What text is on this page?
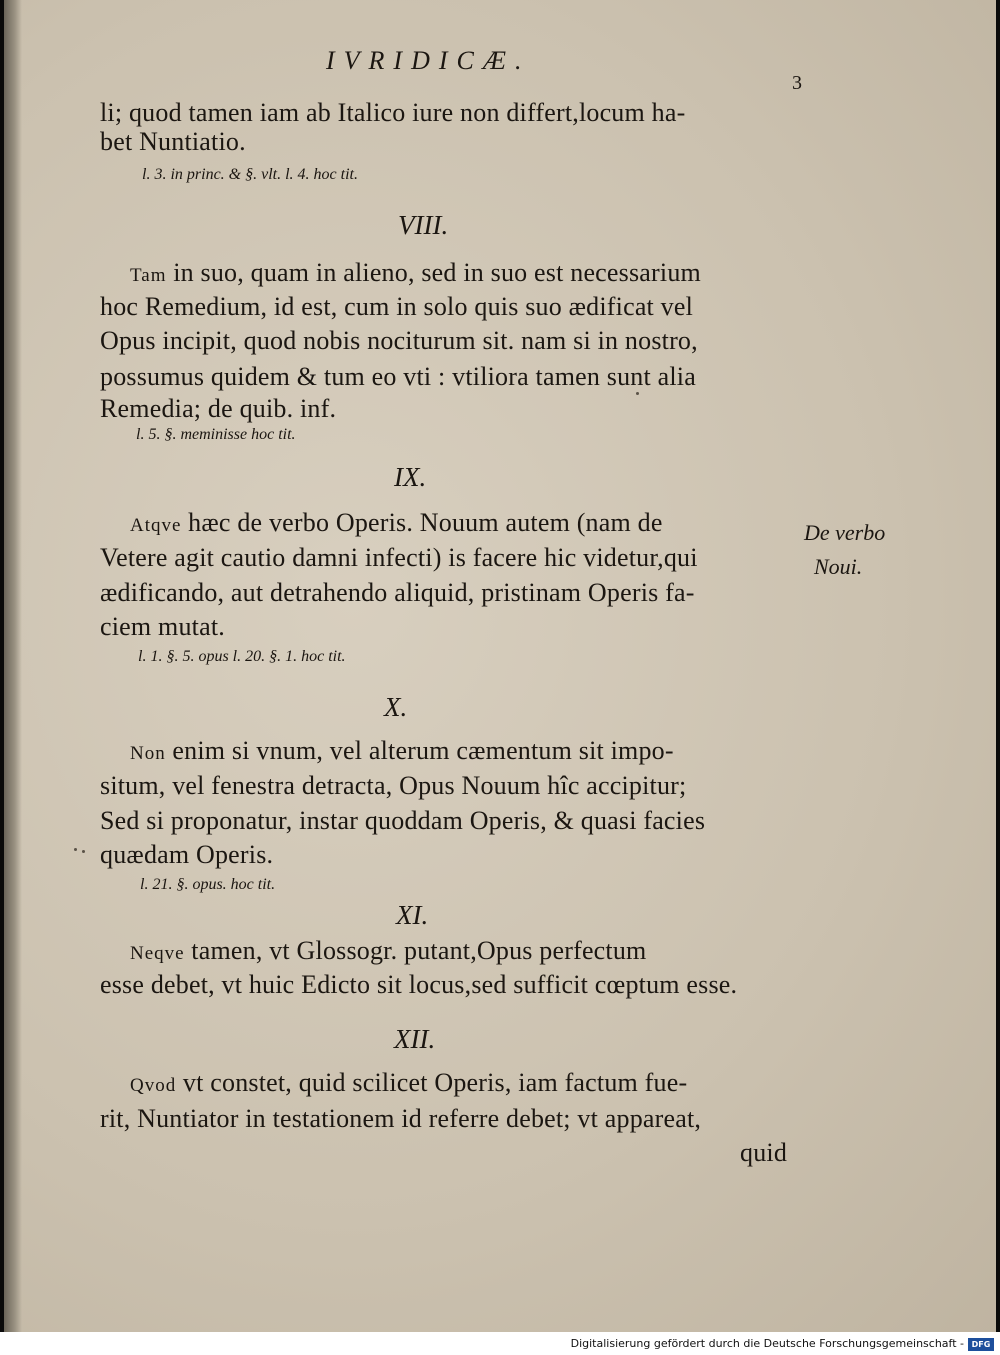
IVRIDICÆ.
3
li; quod tamen iam ab Italico iure non differt,locum ha-
bet Nuntiatio.
l. 3. in princ. & §. vlt. l. 4. hoc tit.
VIII.
Tam in suo, quam in alieno, sed in suo est necessarium
hoc Remedium, id est, cum in solo quis suo ædificat vel
Opus incipit, quod nobis nociturum sit. nam si in nostro,
possumus quidem & tum eo vti : vtiliora tamen sunt alia
Remedia; de quib. inf.
l. 5. §. meminisse hoc tit.
IX.
Atqve hæc de verbo Operis. Nouum autem (nam de
Vetere agit cautio damni infecti) is facere hic videtur,qui
ædificando, aut detrahendo aliquid, pristinam Operis fa-
ciem mutat.
l. 1. §. 5. opus l. 20. §. 1. hoc tit.
De verbo
Noui.
X.
Non enim si vnum, vel alterum cæmentum sit impo-
situm, vel fenestra detracta, Opus Nouum hîc accipitur;
Sed si proponatur, instar quoddam Operis, & quasi facies
quædam Operis.
l. 21. §. opus. hoc tit.
XI.
Neqve tamen, vt Glossogr. putant,Opus perfectum
esse debet, vt huic Edicto sit locus,sed sufficit cœptum esse.
XII.
Qvod vt constet, quid scilicet Operis, iam factum fue-
rit, Nuntiator in testationem id referre debet; vt appareat,
quid
Digitalisierung gefördert durch die Deutsche Forschungsgemeinschaft - DFG
